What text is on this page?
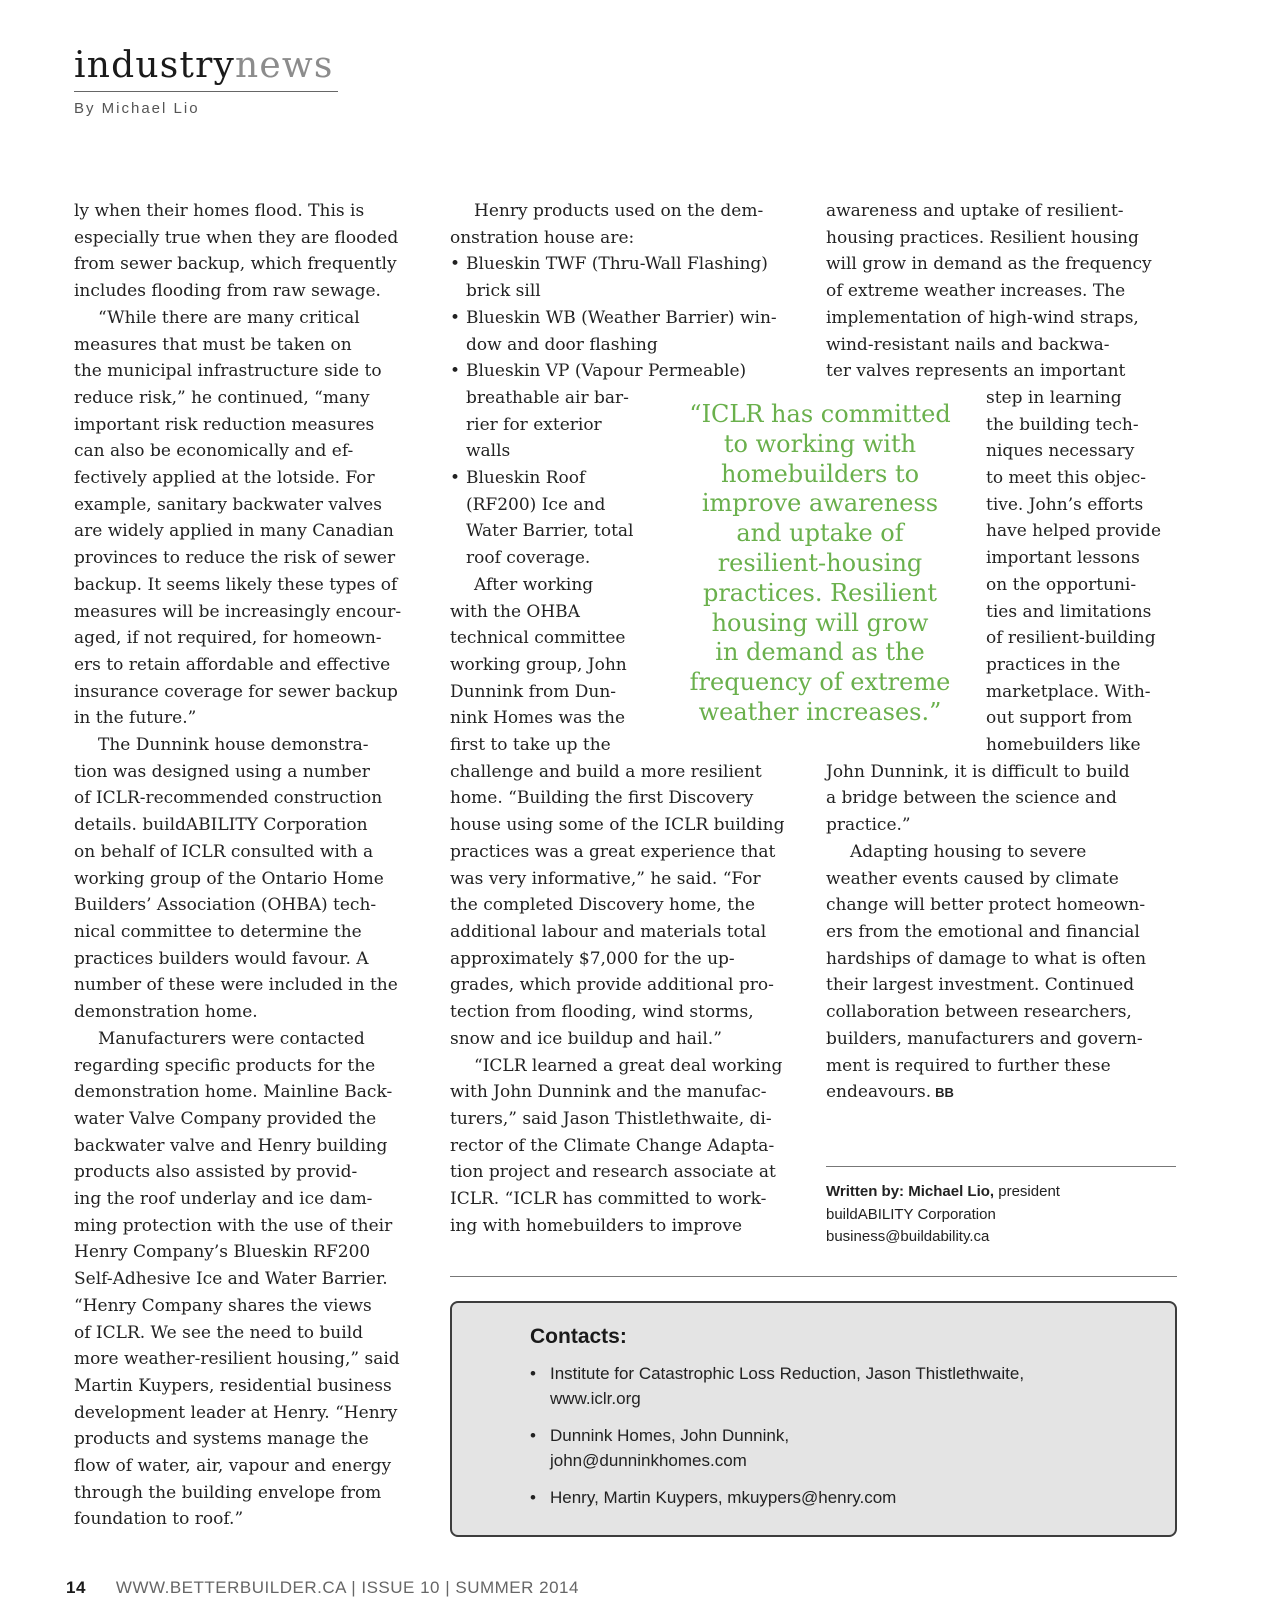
industrynews
By Michael Lio
ly when their homes flood. This is
especially true when they are flooded
from sewer backup, which frequently
includes flooding from raw sewage.
“While there are many critical
measures that must be taken on
the municipal infrastructure side to
reduce risk,” he continued, “many
important risk reduction measures
can also be economically and ef-
fectively applied at the lotside. For
example, sanitary backwater valves
are widely applied in many Canadian
provinces to reduce the risk of sewer
backup. It seems likely these types of
measures will be increasingly encour-
aged, if not required, for homeown-
ers to retain affordable and effective
insurance coverage for sewer backup
in the future.”
The Dunnink house demonstra-
tion was designed using a number
of ICLR-recommended construction
details. buildABILITY Corporation
on behalf of ICLR consulted with a
working group of the Ontario Home
Builders’ Association (OHBA) tech-
nical committee to determine the
practices builders would favour. A
number of these were included in the
demonstration home.
Manufacturers were contacted
regarding specific products for the
demonstration home. Mainline Back-
water Valve Company provided the
backwater valve and Henry building
products also assisted by provid-
ing the roof underlay and ice dam-
ming protection with the use of their
Henry Company’s Blueskin RF200
Self-Adhesive Ice and Water Barrier.
“Henry Company shares the views
of ICLR. We see the need to build
more weather-resilient housing,” said
Martin Kuypers, residential business
development leader at Henry. “Henry
products and systems manage the
flow of water, air, vapour and energy
through the building envelope from
foundation to roof.”
Henry products used on the dem-
onstration house are:
• Blueskin TWF (Thru-Wall Flashing)
brick sill
• Blueskin WB (Weather Barrier) win-
dow and door flashing
• Blueskin VP (Vapour Permeable)
breathable air bar-
rier for exterior
walls
• Blueskin Roof
(RF200) Ice and
Water Barrier, total
roof coverage.
After working
with the OHBA
technical committee
working group, John
Dunnink from Dun-
nink Homes was the
first to take up the
challenge and build a more resilient
home. “Building the first Discovery
house using some of the ICLR building
practices was a great experience that
was very informative,” he said. “For
the completed Discovery home, the
additional labour and materials total
approximately $7,000 for the up-
grades, which provide additional pro-
tection from flooding, wind storms,
snow and ice buildup and hail.”
“ICLR learned a great deal working
with John Dunnink and the manufac-
turers,” said Jason Thistlethwaite, di-
rector of the Climate Change Adapta-
tion project and research associate at
ICLR. “ICLR has committed to work-
ing with homebuilders to improve
“ICLR has committed
to working with
homebuilders to
improve awareness
and uptake of
resilient-housing
practices. Resilient
housing will grow
in demand as the
frequency of extreme
weather increases.”
awareness and uptake of resilient-
housing practices. Resilient housing
will grow in demand as the frequency
of extreme weather increases. The
implementation of high-wind straps,
wind-resistant nails and backwa-
ter valves represents an important
step in learning
the building tech-
niques necessary
to meet this objec-
tive. John’s efforts
have helped provide
important lessons
on the opportuni-
ties and limitations
of resilient-building
practices in the
marketplace. With-
out support from
homebuilders like
John Dunnink, it is difficult to build
a bridge between the science and
practice.”
Adapting housing to severe
weather events caused by climate
change will better protect homeown-
ers from the emotional and financial
hardships of damage to what is often
their largest investment. Continued
collaboration between researchers,
builders, manufacturers and govern-
ment is required to further these
endeavours. BB
Written by: Michael Lio, president
buildABILITY Corporation
business@buildability.ca
Contacts:
• Institute for Catastrophic Loss Reduction, Jason Thistlethwaite,
www.iclr.org
• Dunnink Homes, John Dunnink,
john@dunninkhomes.com
• Henry, Martin Kuypers, mkuypers@henry.com
14 WWW.BETTERBUILDER.CA | ISSUE 10 | SUMMER 2014
